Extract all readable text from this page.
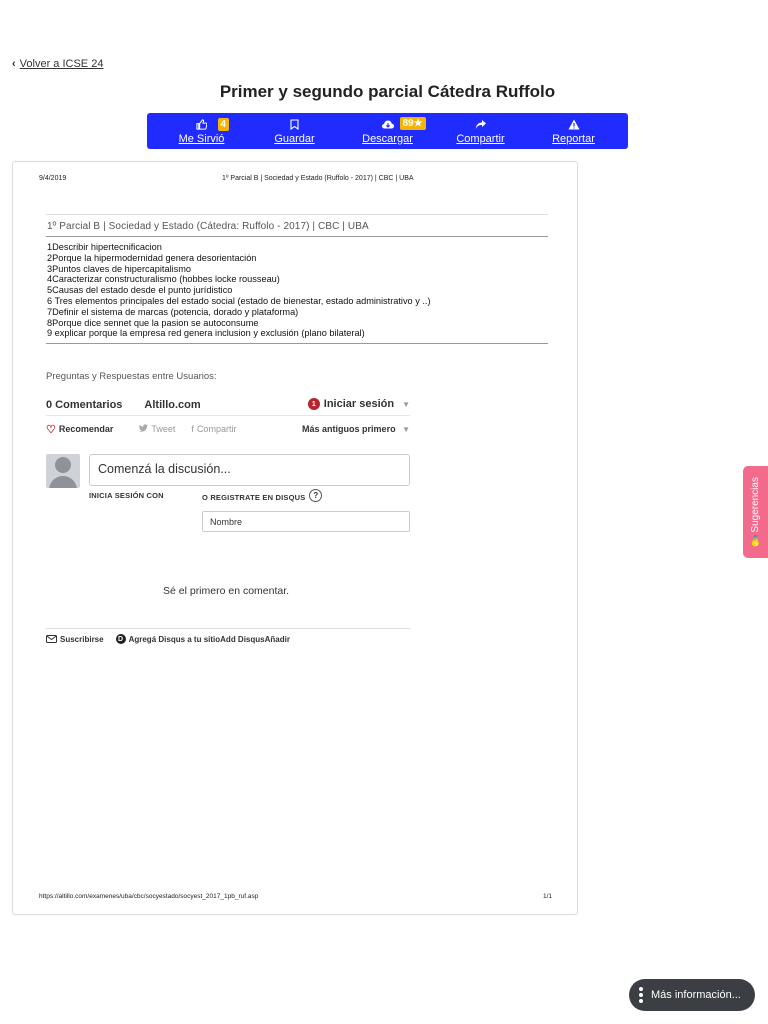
‹ Volver a ICSE 24
Primer y segundo parcial Cátedra Ruffolo
Me Sirvió
4
Guardar	Descargar
89★
Compartir	Reportar
9/4/2019	1º Parcial B | Sociedad y Estado (Ruffolo - 2017) | CBC | UBA
1º Parcial B | Sociedad y Estado (Cátedra: Ruffolo - 2017) | CBC | UBA
1Describir hipertecnificacion
2Porque la hipermodernidad genera desorientación
3Puntos claves de hipercapitalismo
4Caracterizar constructuralismo (hobbes locke rousseau)
5Causas del estado desde el punto jurídistico
6 Tres elementos principales del estado social (estado de bienestar, estado administrativo y ..)
7Definir el sistema de marcas (potencia, dorado y plataforma)
8Porque dice sennet que la pasion se autoconsume
9 explicar porque la empresa red genera inclusion y exclusión (plano bilateral)
Preguntas y Respuestas entre Usuarios:
0 Comentarios Altillo.com	1 Iniciar sesión ▼
♡ Recomendar	Tweet f Compartir	Más antiguos primero ▼
Comenzá la discusión...
INICIA SESIÓN CON	O REGISTRATE EN DISQUS ?
Nombre
Sé el primero en comentar.
Suscribirse	D Agregá Disqus a tu sitioAdd DisqusAñadir
https://altillo.com/examenes/uba/cbc/socyestado/socyest_2017_1pb_ruf.asp	1/1
💡 Sugerencias
Más información...
